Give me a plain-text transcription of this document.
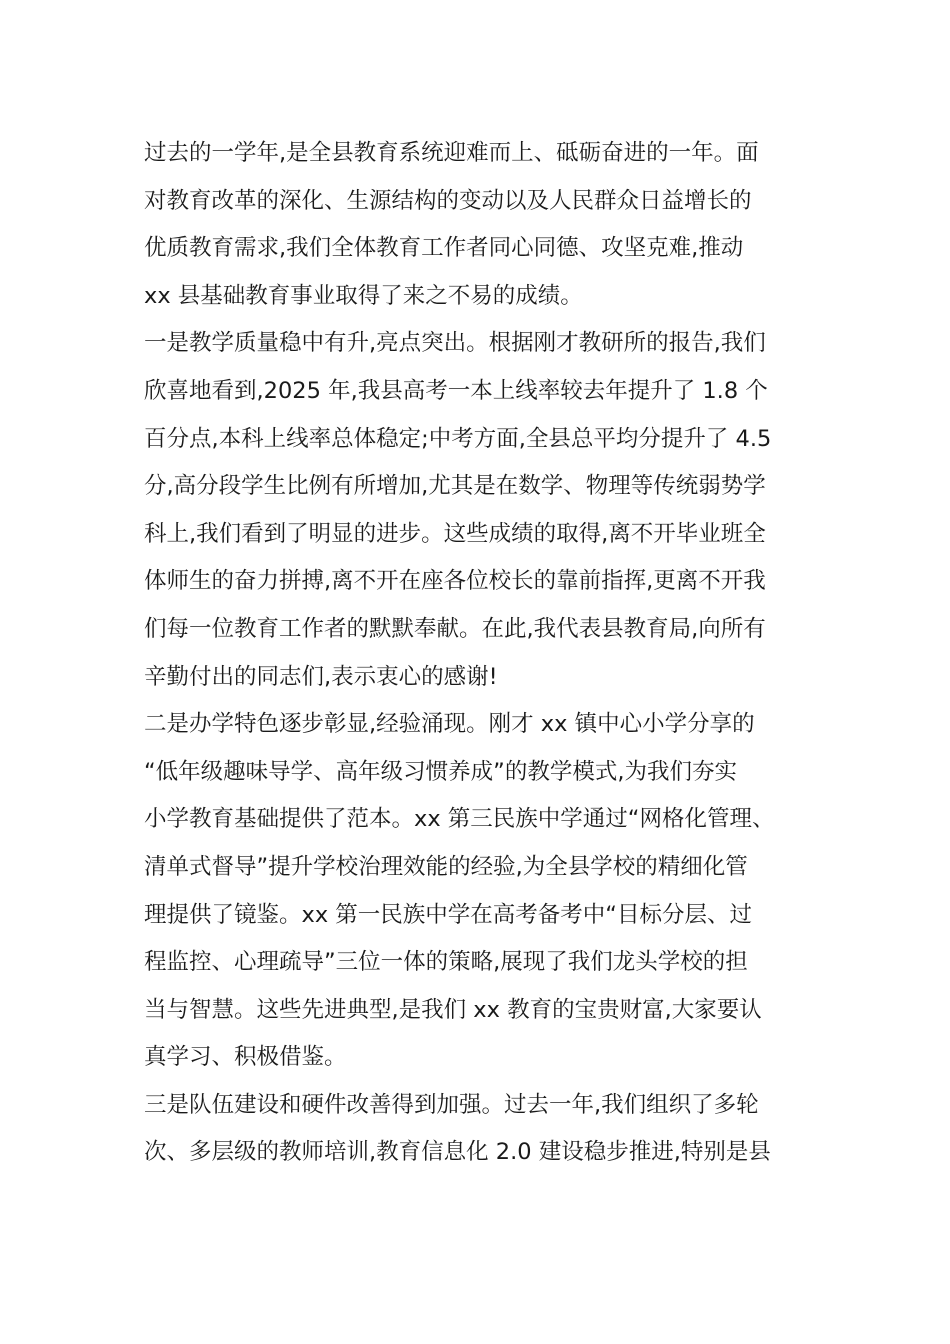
过去的一学年,是全县教育系统迎难而上、砥砺奋进的一年。面
对教育改革的深化、生源结构的变动以及人民群众日益增长的
优质教育需求,我们全体教育工作者同心同德、攻坚克难,推动
xx 县基础教育事业取得了来之不易的成绩。
一是教学质量稳中有升,亮点突出。根据刚才教研所的报告,我们
欣喜地看到,2025 年,我县高考一本上线率较去年提升了 1.8 个
百分点,本科上线率总体稳定;中考方面,全县总平均分提升了 4.5
分,高分段学生比例有所增加,尤其是在数学、物理等传统弱势学
科上,我们看到了明显的进步。这些成绩的取得,离不开毕业班全
体师生的奋力拼搏,离不开在座各位校长的靠前指挥,更离不开我
们每一位教育工作者的默默奉献。在此,我代表县教育局,向所有
辛勤付出的同志们,表示衷心的感谢!
二是办学特色逐步彰显,经验涌现。刚才 xx 镇中心小学分享的
“低年级趣味导学、高年级习惯养成”的教学模式,为我们夯实
小学教育基础提供了范本。xx 第三民族中学通过“网格化管理、
清单式督导”提升学校治理效能的经验,为全县学校的精细化管
理提供了镜鉴。xx 第一民族中学在高考备考中“目标分层、过
程监控、心理疏导”三位一体的策略,展现了我们龙头学校的担
当与智慧。这些先进典型,是我们 xx 教育的宝贵财富,大家要认
真学习、积极借鉴。
三是队伍建设和硬件改善得到加强。过去一年,我们组织了多轮
次、多层级的教师培训,教育信息化 2.0 建设稳步推进,特别是县
